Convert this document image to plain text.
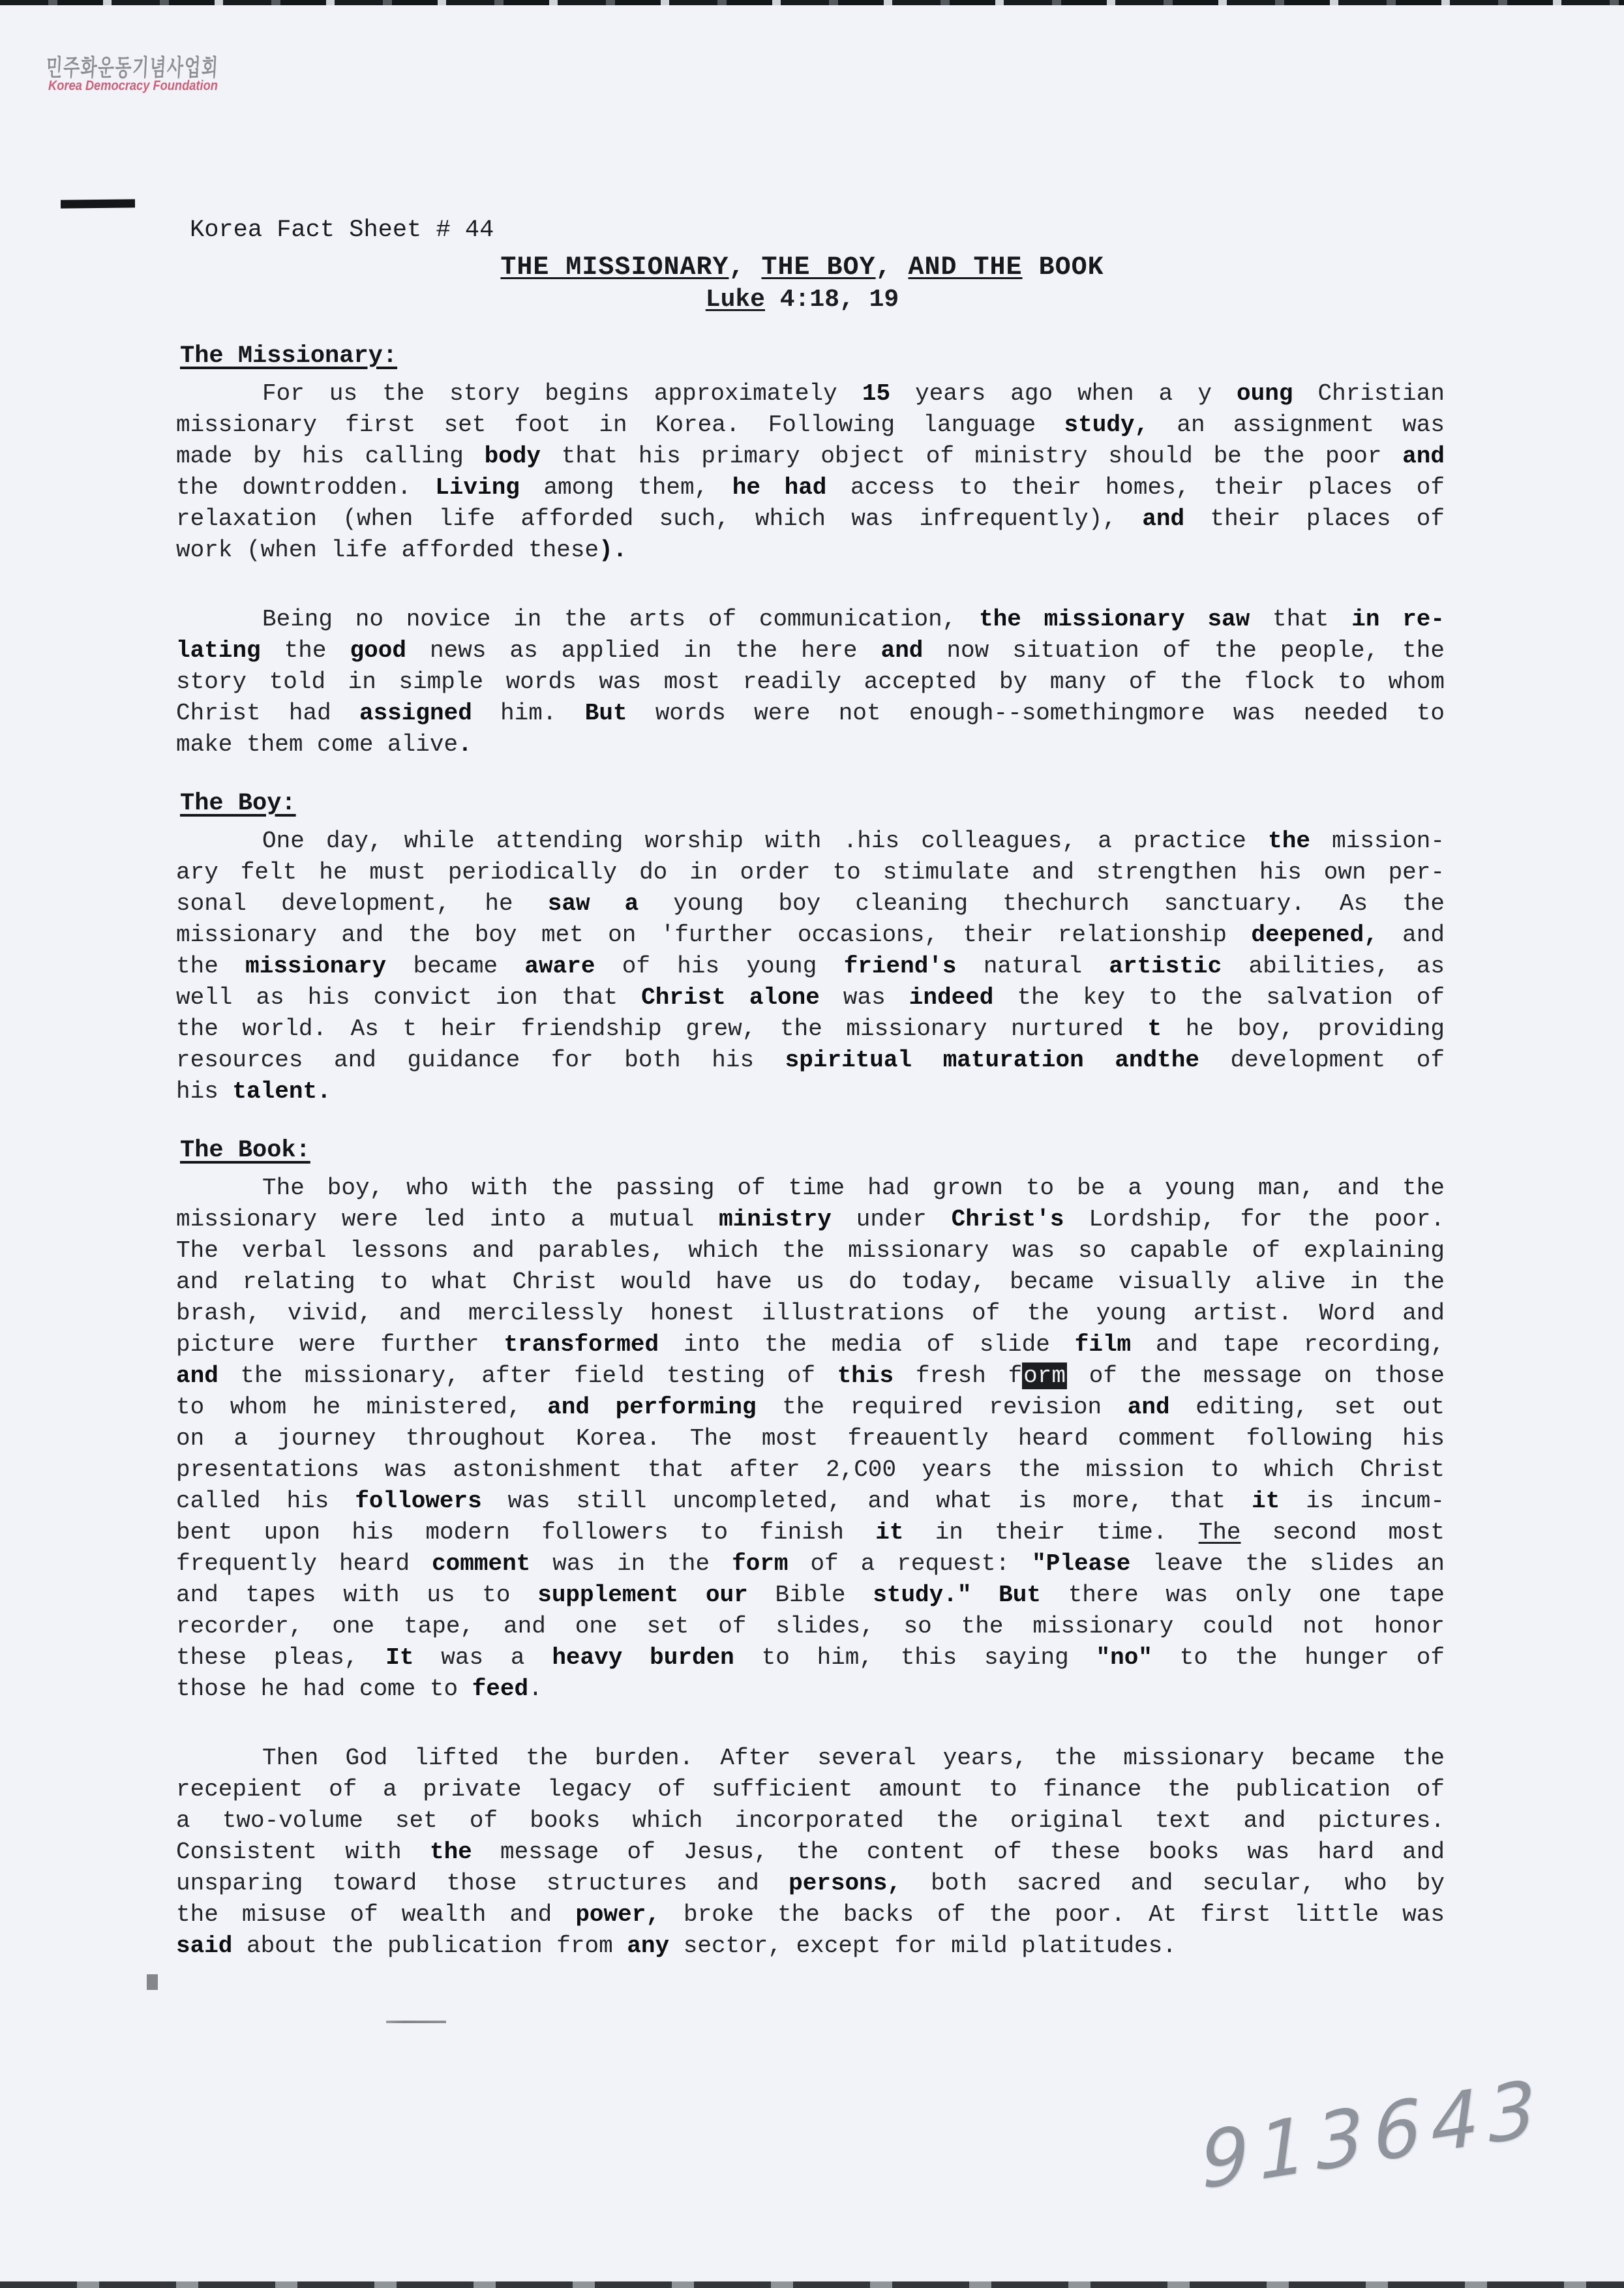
민주화운동기념사업회
Korea Democracy Foundation
Korea Fact Sheet # 44
THE MISSIONARY, THE BOY, AND THE BOOK
Luke 4:18, 19
The Missionary:
For us the story begins approximately 15 years ago when a y oung Christian
missionary first set foot in Korea. Following language study, an assignment was
made by his calling body that his primary object of ministry should be the poor and
the downtrodden. Living among them, he had access to their homes, their places of
relaxation (when life afforded such, which was infrequently), and their places of
work (when life afforded these).
Being no novice in the arts of communication, the missionary saw that in re-
lating the good news as applied in the here and now situation of the people, the
story told in simple words was most readily accepted by many of the flock to whom
Christ had assigned him. But words were not enough--somethingmore was needed to
make them come alive.
The Boy:
One day, while attending worship with .his colleagues, a practice the mission-
ary felt he must periodically do in order to stimulate and strengthen his own per-
sonal development, he saw a young boy cleaning thechurch sanctuary. As the
missionary and the boy met on 'further occasions, their relationship deepened, and
the missionary became aware of his young friend's natural artistic abilities, as
well as his convict ion that Christ alone was indeed the key to the salvation of
the world. As t heir friendship grew, the missionary nurtured t he boy, providing
resources and guidance for both his spiritual maturation andthe development of
his talent.
The Book:
The boy, who with the passing of time had grown to be a young man, and the
missionary were led into a mutual ministry under Christ's Lordship, for the poor.
The verbal lessons and parables, which the missionary was so capable of explaining
and relating to what Christ would have us do today, became visually alive in the
brash, vivid, and mercilessly honest illustrations of the young artist. Word and
picture were further transformed into the media of slide film and tape recording,
and the missionary, after field testing of this fresh form of the message on those
to whom he ministered, and performing the required revision and editing, set out
on a journey throughout Korea. The most freauently heard comment following his
presentations was astonishment that after 2,C00 years the mission to which Christ
called his followers was still uncompleted, and what is more, that it is incum-
bent upon his modern followers to finish it in their time. The second most
frequently heard comment was in the form of a request: "Please leave the slides an
and tapes with us to supplement our Bible study." But there was only one tape
recorder, one tape, and one set of slides, so the missionary could not honor
these pleas, It was a heavy burden to him, this saying "no" to the hunger of
those he had come to feed.
Then God lifted the burden. After several years, the missionary became the
recepient of a private legacy of sufficient amount to finance the publication of
a two-volume set of books which incorporated the original text and pictures.
Consistent with the message of Jesus, the content of these books was hard and
unsparing toward those structures and persons, both sacred and secular, who by
the misuse of wealth and power, broke the backs of the poor. At first little was
said about the publication from any sector, except for mild platitudes.
913643
